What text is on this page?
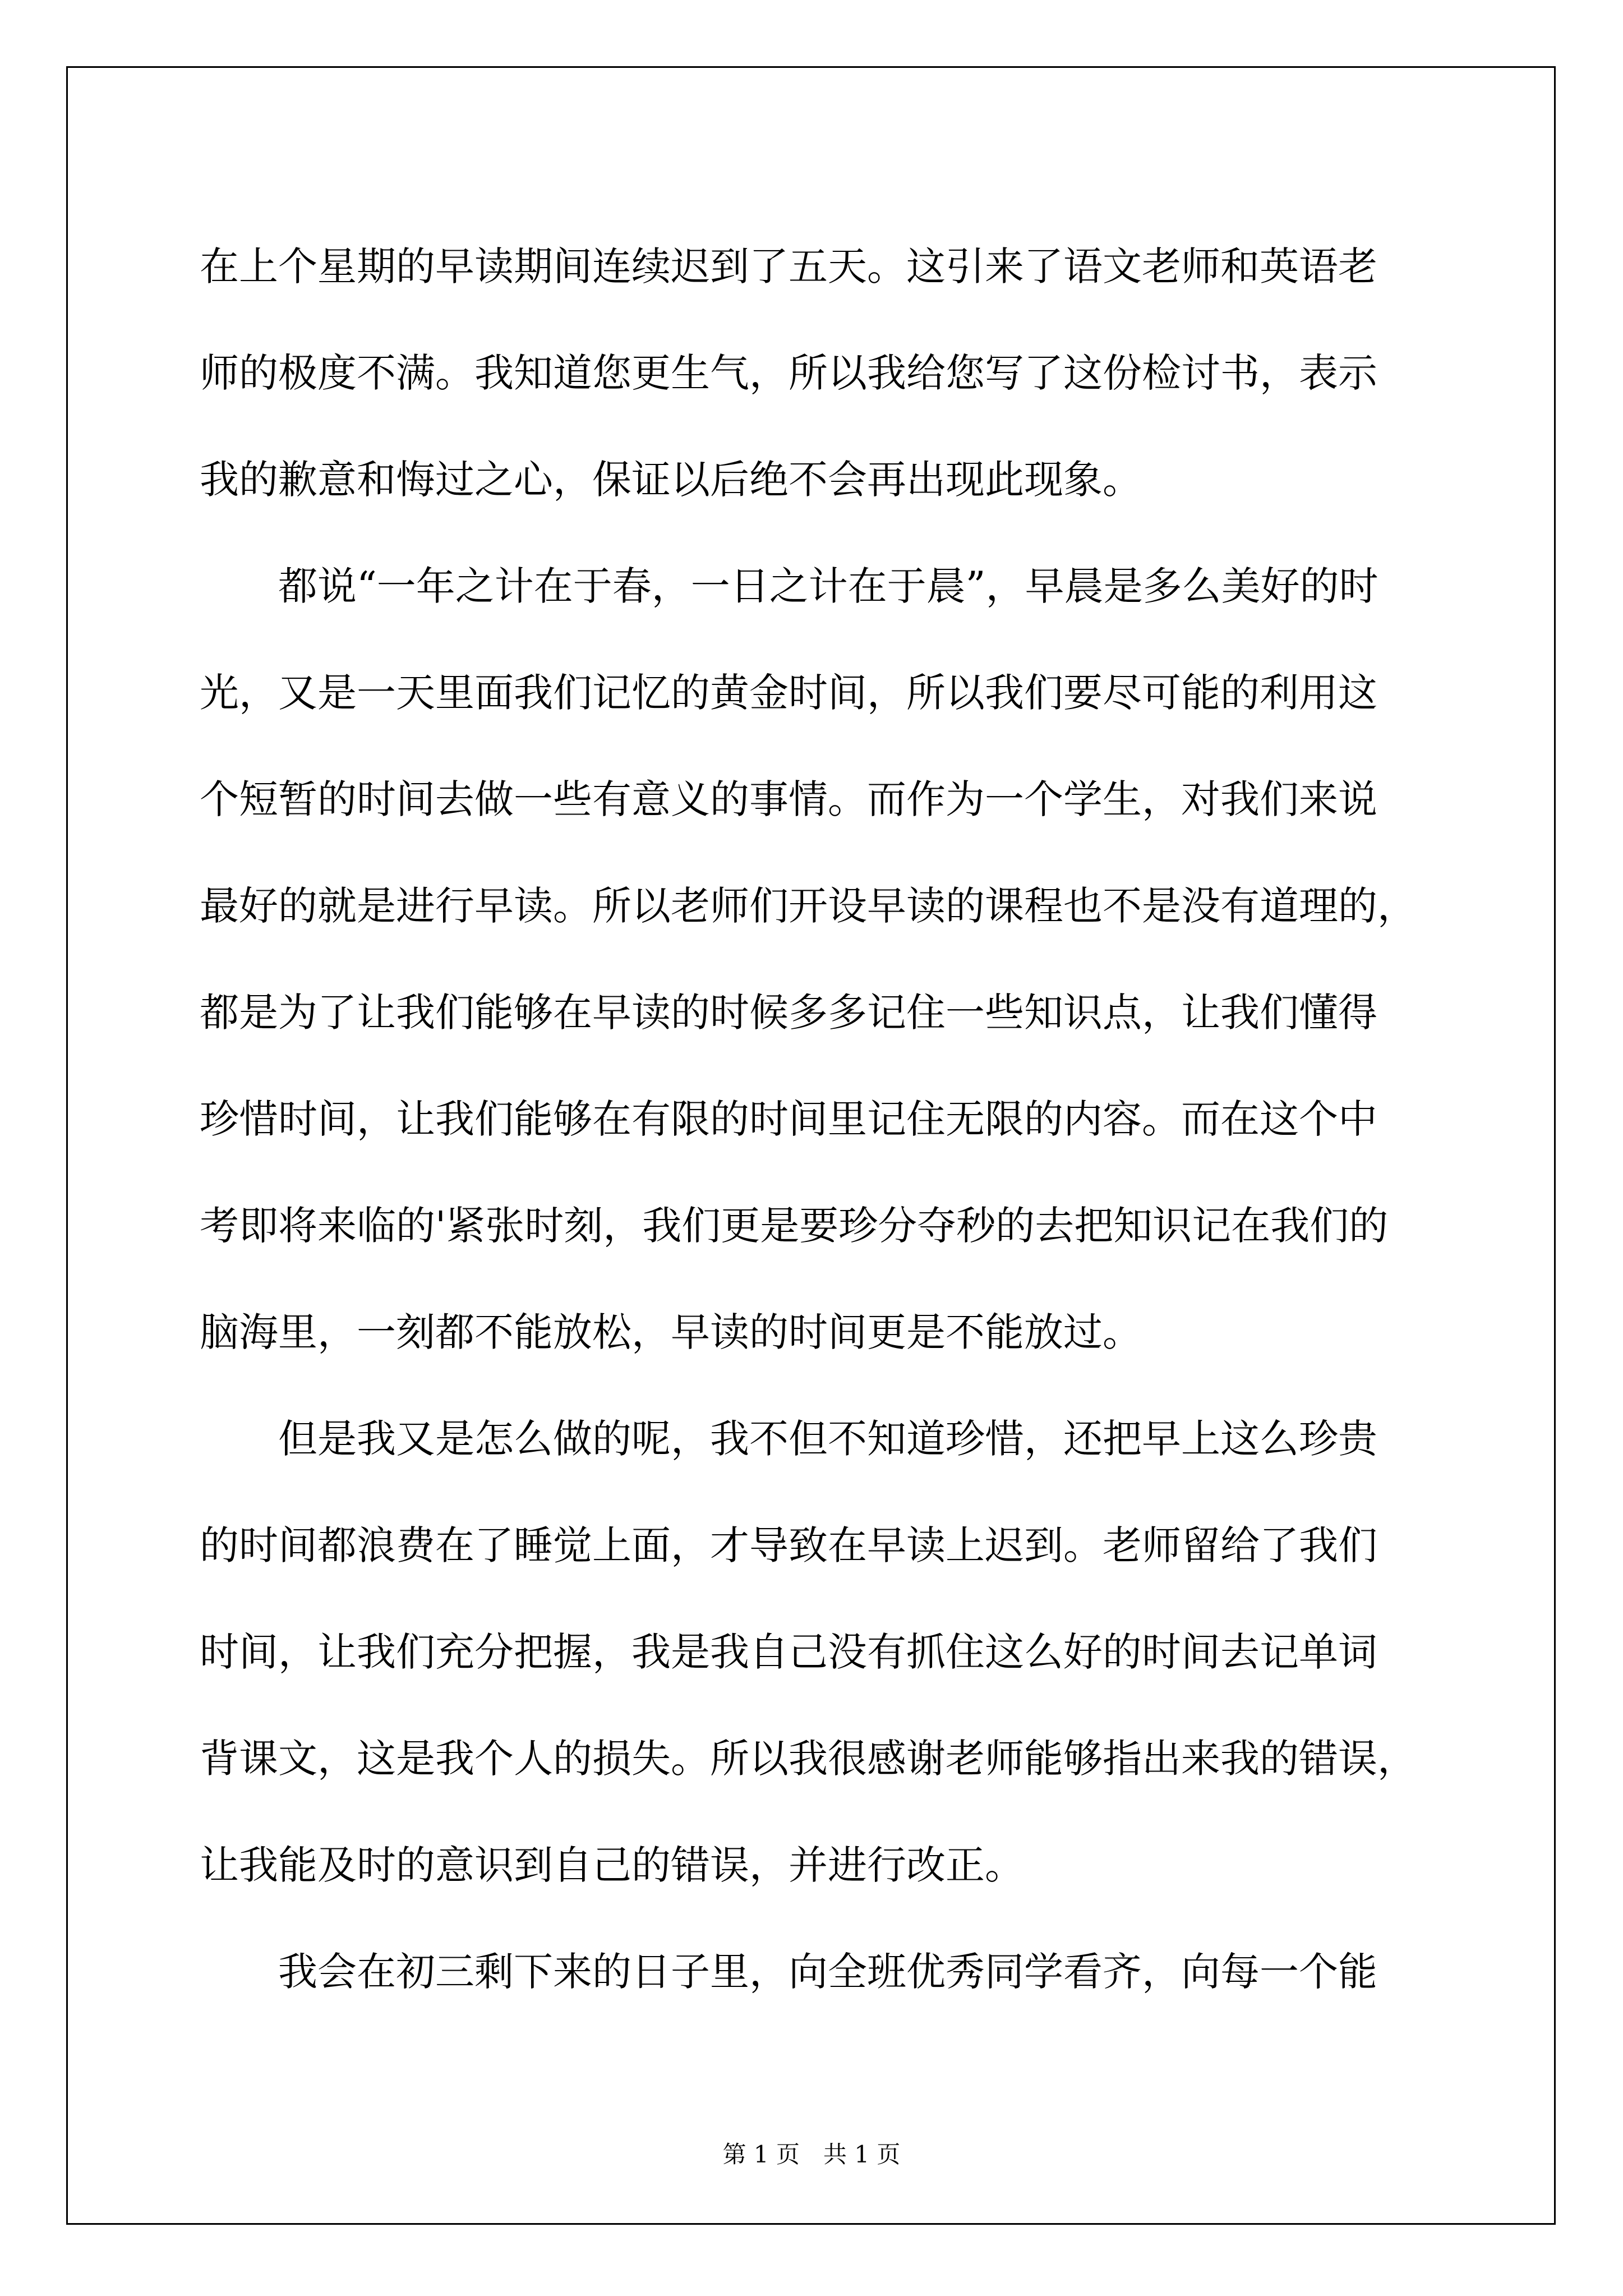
在上个星期的早读期间连续迟到了五天。这引来了语文老师和英语老
师的极度不满。我知道您更生气，所以我给您写了这份检讨书，表示
我的歉意和悔过之心，保证以后绝不会再出现此现象。
都说“一年之计在于春，一日之计在于晨”，早晨是多么美好的时
光，又是一天里面我们记忆的黄金时间，所以我们要尽可能的利用这
个短暂的时间去做一些有意义的事情。而作为一个学生，对我们来说
最好的就是进行早读。所以老师们开设早读的课程也不是没有道理的，
都是为了让我们能够在早读的时候多多记住一些知识点，让我们懂得
珍惜时间，让我们能够在有限的时间里记住无限的内容。而在这个中
考即将来临的'紧张时刻，我们更是要珍分夺秒的去把知识记在我们的
脑海里，一刻都不能放松，早读的时间更是不能放过。
但是我又是怎么做的呢，我不但不知道珍惜，还把早上这么珍贵
的时间都浪费在了睡觉上面，才导致在早读上迟到。老师留给了我们
时间，让我们充分把握，我是我自己没有抓住这么好的时间去记单词
背课文，这是我个人的损失。所以我很感谢老师能够指出来我的错误，
让我能及时的意识到自己的错误，并进行改正。
我会在初三剩下来的日子里，向全班优秀同学看齐，向每一个能
第 1 页　共 1 页
